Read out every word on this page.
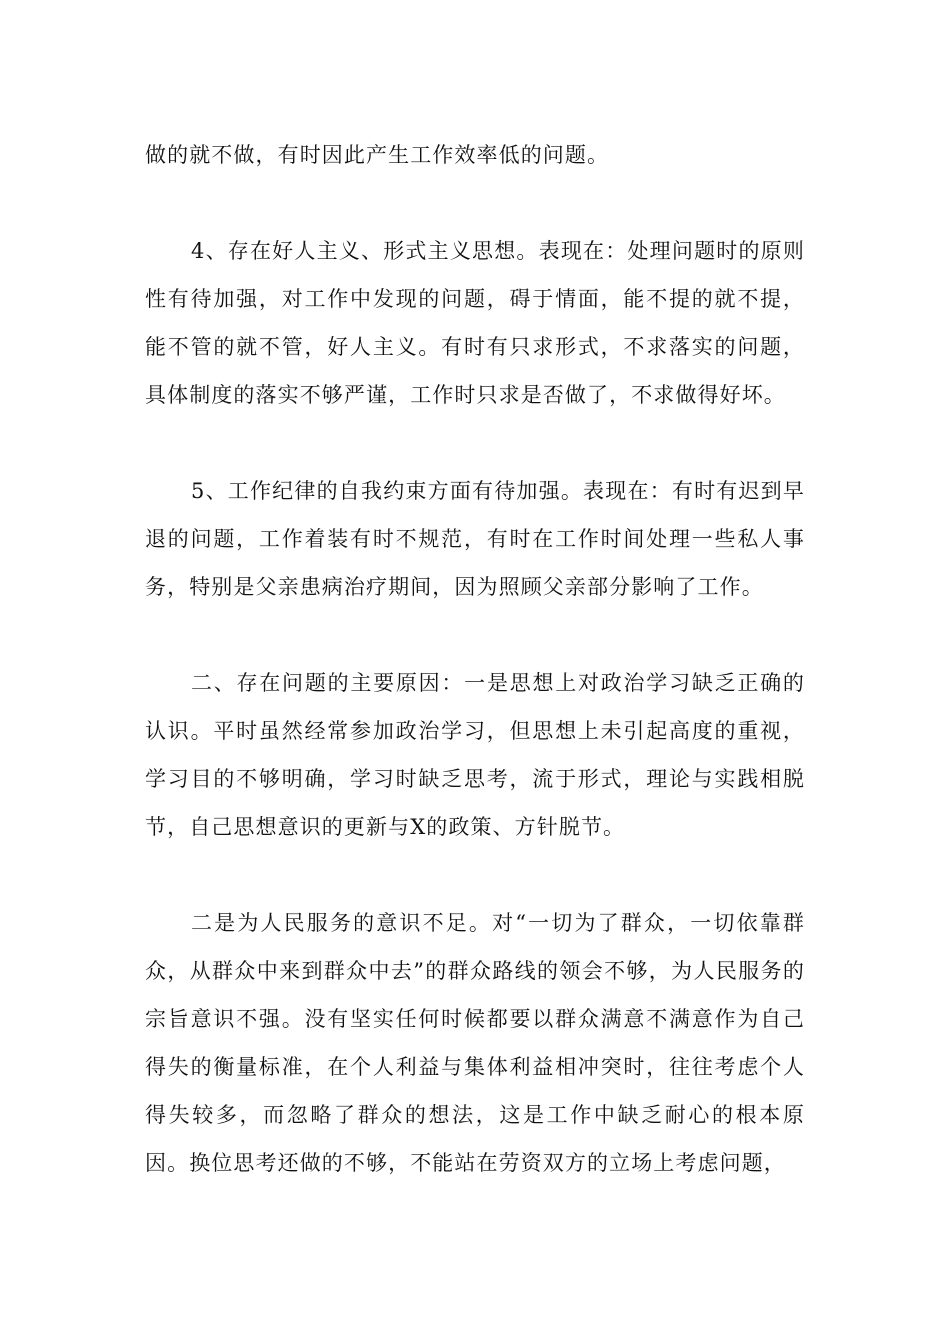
做的就不做，有时因此产生工作效率低的问题。

4、存在好人主义、形式主义思想。表现在：处理问题时的原则性有待加强，对工作中发现的问题，碍于情面，能不提的就不提，能不管的就不管，好人主义。有时有只求形式，不求落实的问题，具体制度的落实不够严谨，工作时只求是否做了，不求做得好坏。

5、工作纪律的自我约束方面有待加强。表现在：有时有迟到早退的问题，工作着装有时不规范，有时在工作时间处理一些私人事务，特别是父亲患病治疗期间，因为照顾父亲部分影响了工作。

二、存在问题的主要原因：一是思想上对政治学习缺乏正确的认识。平时虽然经常参加政治学习，但思想上未引起高度的重视，学习目的不够明确，学习时缺乏思考，流于形式，理论与实践相脱节，自己思想意识的更新与X的政策、方针脱节。

二是为人民服务的意识不足。对“一切为了群众，一切依靠群众，从群众中来到群众中去”的群众路线的领会不够，为人民服务的宗旨意识不强。没有坚实任何时候都要以群众满意不满意作为自己得失的衡量标准，在个人利益与集体利益相冲突时，往往考虑个人得失较多，而忽略了群众的想法，这是工作中缺乏耐心的根本原因。换位思考还做的不够，不能站在劳资双方的立场上考虑问题，
